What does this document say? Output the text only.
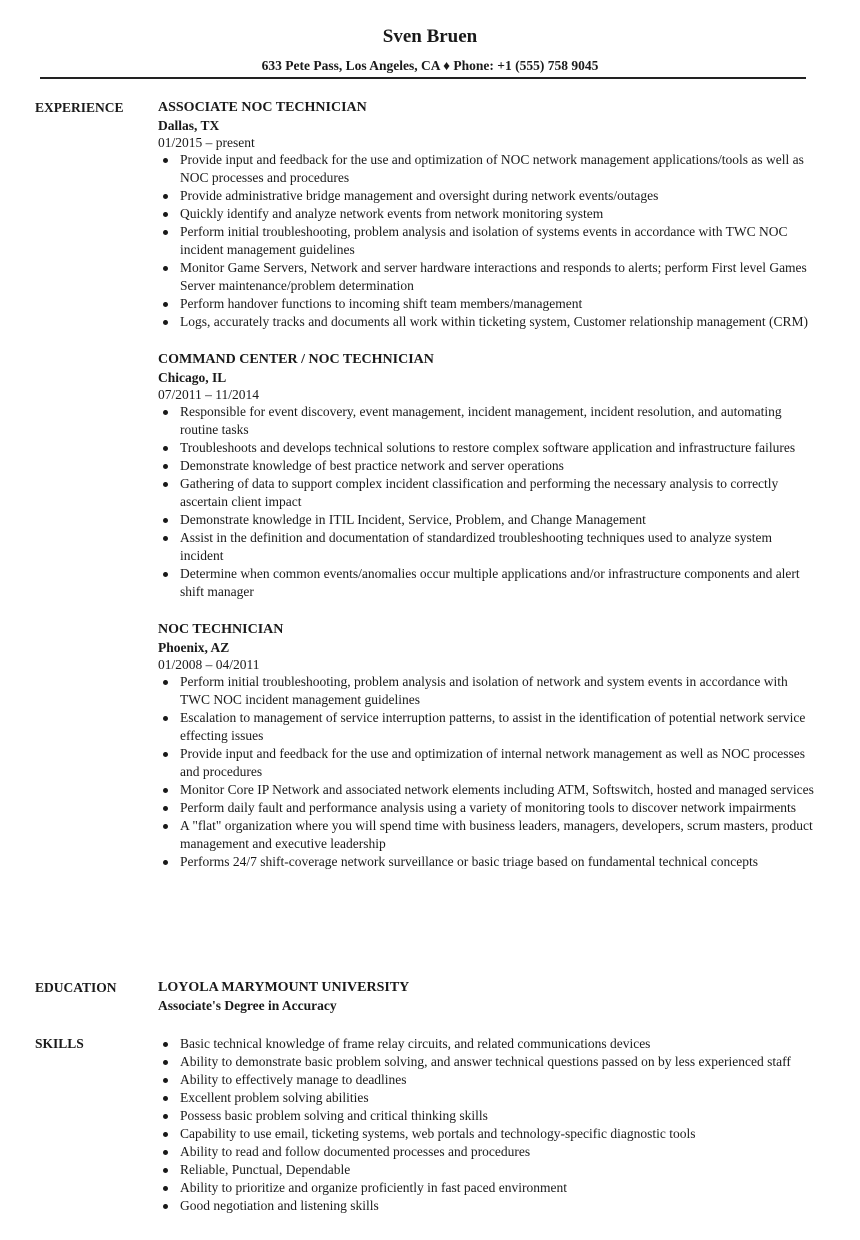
Sven Bruen
633 Pete Pass, Los Angeles, CA ♦ Phone: +1 (555) 758 9045
EXPERIENCE ASSOCIATE NOC TECHNICIAN
Dallas, TX
01/2015 – present
Provide input and feedback for the use and optimization of NOC network management applications/tools as well as NOC processes and procedures
Provide administrative bridge management and oversight during network events/outages
Quickly identify and analyze network events from network monitoring system
Perform initial troubleshooting, problem analysis and isolation of systems events in accordance with TWC NOC incident management guidelines
Monitor Game Servers, Network and server hardware interactions and responds to alerts; perform First level Games Server maintenance/problem determination
Perform handover functions to incoming shift team members/management
Logs, accurately tracks and documents all work within ticketing system, Customer relationship management (CRM)
COMMAND CENTER / NOC TECHNICIAN
Chicago, IL
07/2011 – 11/2014
Responsible for event discovery, event management, incident management, incident resolution, and automating routine tasks
Troubleshoots and develops technical solutions to restore complex software application and infrastructure failures
Demonstrate knowledge of best practice network and server operations
Gathering of data to support complex incident classification and performing the necessary analysis to correctly ascertain client impact
Demonstrate knowledge in ITIL Incident, Service, Problem, and Change Management
Assist in the definition and documentation of standardized troubleshooting techniques used to analyze system incident
Determine when common events/anomalies occur multiple applications and/or infrastructure components and alert shift manager
NOC TECHNICIAN
Phoenix, AZ
01/2008 – 04/2011
Perform initial troubleshooting, problem analysis and isolation of network and system events in accordance with TWC NOC incident management guidelines
Escalation to management of service interruption patterns, to assist in the identification of potential network service effecting issues
Provide input and feedback for the use and optimization of internal network management as well as NOC processes and procedures
Monitor Core IP Network and associated network elements including ATM, Softswitch, hosted and managed services
Perform daily fault and performance analysis using a variety of monitoring tools to discover network impairments
A "flat" organization where you will spend time with business leaders, managers, developers, scrum masters, product management and executive leadership
Performs 24/7 shift-coverage network surveillance or basic triage based on fundamental technical concepts
EDUCATION	LOYOLA MARYMOUNT UNIVERSITY
Associate's Degree in Accuracy
SKILLS	Basic technical knowledge of frame relay circuits, and related communications devices
Ability to demonstrate basic problem solving, and answer technical questions passed on by less experienced staff
Ability to effectively manage to deadlines
Excellent problem solving abilities
Possess basic problem solving and critical thinking skills
Capability to use email, ticketing systems, web portals and technology-specific diagnostic tools
Ability to read and follow documented processes and procedures
Reliable, Punctual, Dependable
Ability to prioritize and organize proficiently in fast paced environment
Good negotiation and listening skills
